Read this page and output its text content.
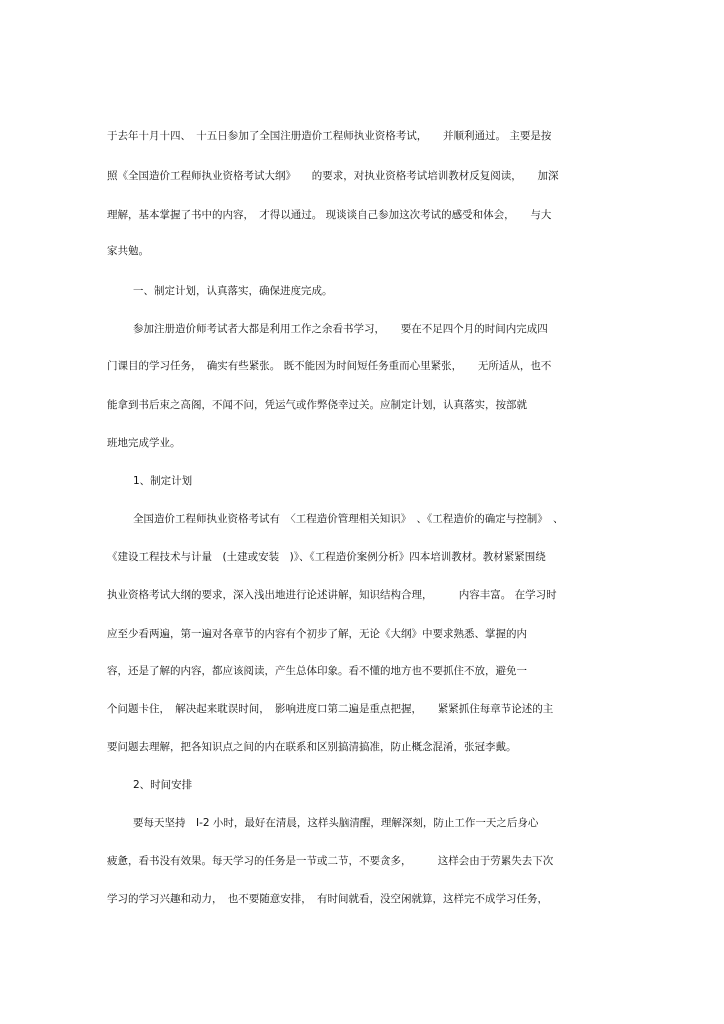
于去年十月十四、　十五日参加了全国注册造价工程师执业资格考试，　　并顺利通过。 主要是按
照《全国造价工程师执业资格考试大纲》　　的要求，对执业资格考试培训教材反复阅读，　　加深
理解，基本掌握了书中的内容，　才得以通过。 现谈谈自己参加这次考试的感受和体会，　　与大
家共勉。
一、制定计划，认真落实，确保进度完成。
参加注册造价师考试者大都是利用工作之余看书学习，　　要在不足四个月的时间内完成四
门课目的学习任务，　确实有些紧张。 既不能因为时间短任务重而心里紧张，　　无所适从，也不
能拿到书后束之高阁，不闻不问，凭运气或作弊侥幸过关。应制定计划，认真落实，按部就
班地完成学业。
1、制定计划
全国造价工程师执业资格考试有　〈工程造价管理相关知识》　、《工程造价的确定与控制》　、
《建设工程技术与计量　(土建或安装　)》、《工程造价案例分析》四本培训教材。教材紧紧围绕
执业资格考试大纲的要求，深入浅出地进行论述讲解，知识结构合理，　　　内容丰富。 在学习时
应至少看两遍，第一遍对各章节的内容有个初步了解，无论《大纲》中要求熟悉、掌握的内
容，还是了解的内容，都应该阅读，产生总体印象。看不懂的地方也不要抓住不放，避免一
个问题卡住，　解决起来耽误时间，　影响进度口第二遍是重点把握，　　紧紧抓住每章节论述的主
要问题去理解，把各知识点之间的内在联系和区别搞清搞准，防止概念混淆，张冠李戴。
2、时间安排
要每天坚持　I-2 小时，最好在清晨，这样头脑清醒，理解深刻，防止工作一天之后身心
疲惫，看书没有效果。每天学习的任务是一节或二节，不要贪多，　　　这样会由于劳累失去下次
学习的学习兴趣和动力，　也不要随意安排，　有时间就看，没空闲就算，这样完不成学习任务，
